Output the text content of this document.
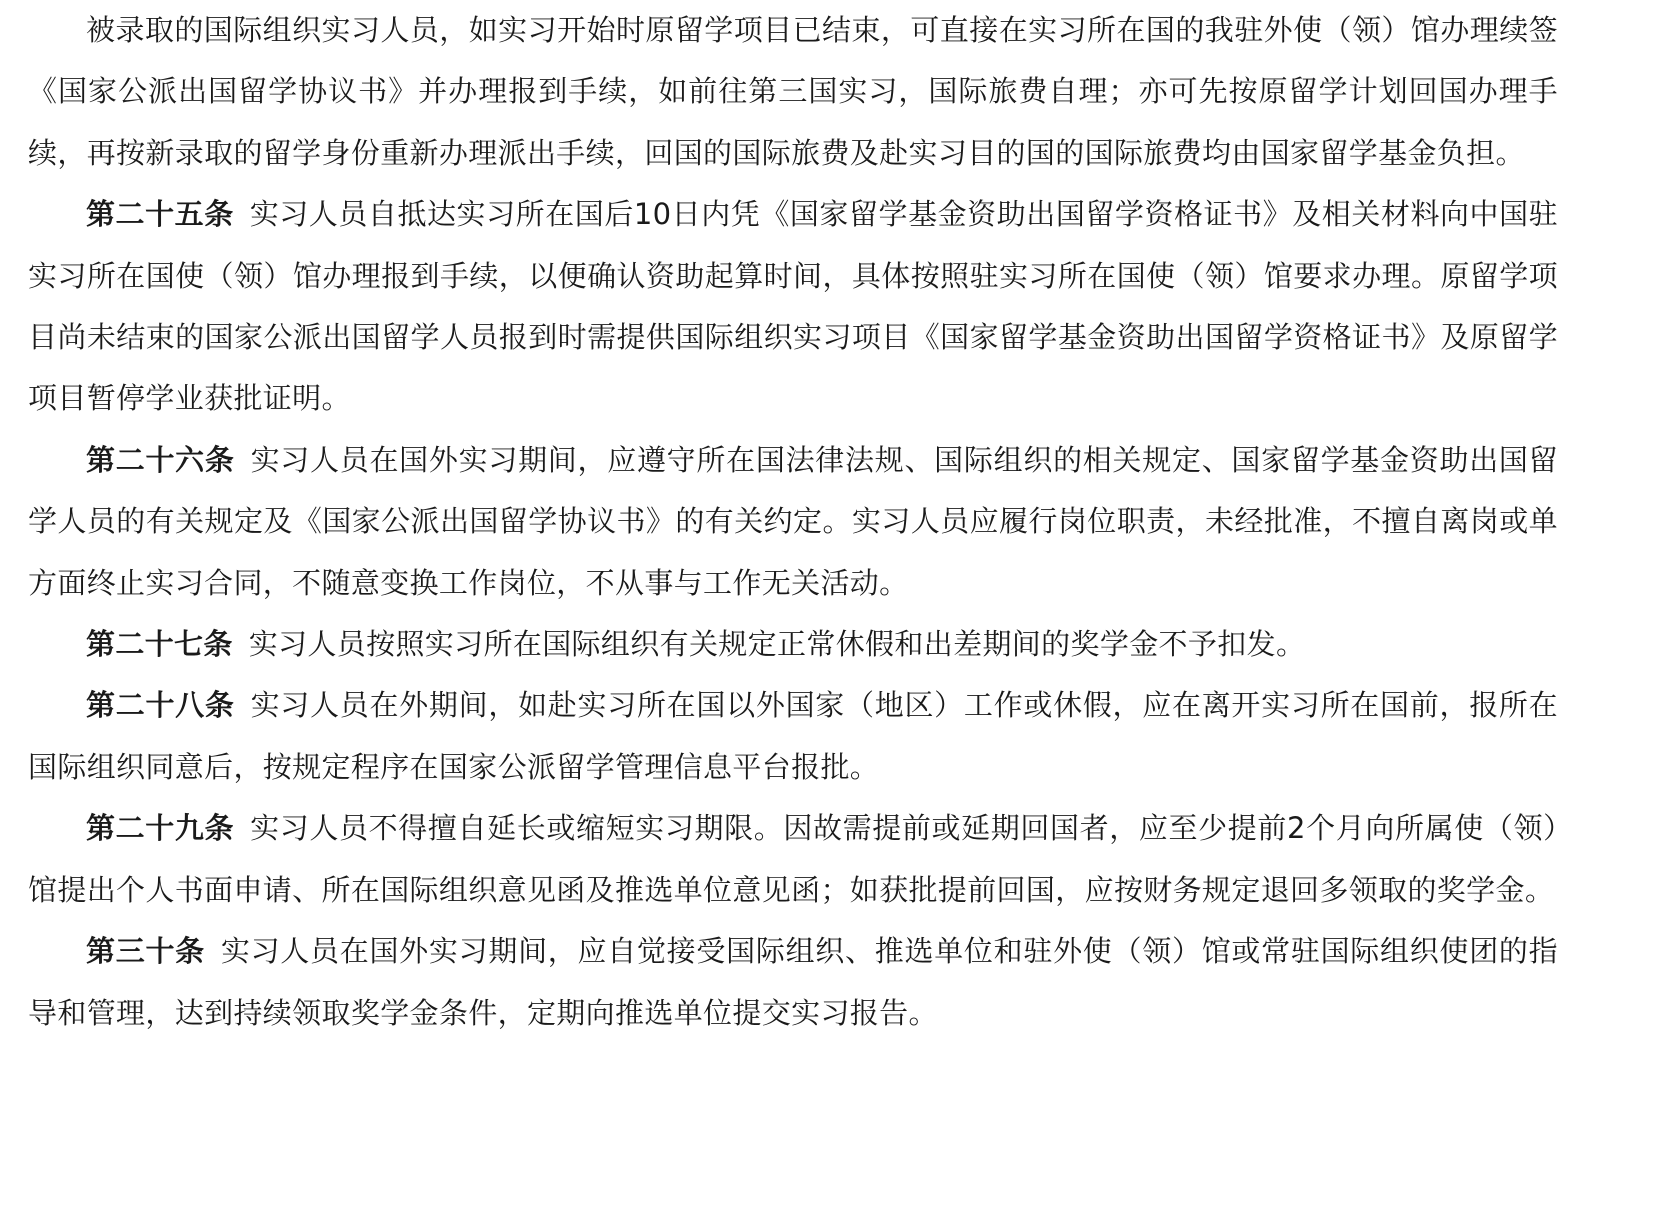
被录取的国际组织实习人员，如实习开始时原留学项目已结束，可直接在实习所在国的我驻外使（领）馆办理续签《国家公派出国留学协议书》并办理报到手续，如前往第三国实习，国际旅费自理；亦可先按原留学计划回国办理手续，再按新录取的留学身份重新办理派出手续，回国的国际旅费及赴实习目的国的国际旅费均由国家留学基金负担。

第二十五条 实习人员自抵达实习所在国后10日内凭《国家留学基金资助出国留学资格证书》及相关材料向中国驻实习所在国使（领）馆办理报到手续，以便确认资助起算时间，具体按照驻实习所在国使（领）馆要求办理。原留学项目尚未结束的国家公派出国留学人员报到时需提供国际组织实习项目《国家留学基金资助出国留学资格证书》及原留学项目暂停学业获批证明。

第二十六条 实习人员在国外实习期间，应遵守所在国法律法规、国际组织的相关规定、国家留学基金资助出国留学人员的有关规定及《国家公派出国留学协议书》的有关约定。实习人员应履行岗位职责，未经批准，不擅自离岗或单方面终止实习合同，不随意变换工作岗位，不从事与工作无关活动。

第二十七条 实习人员按照实习所在国际组织有关规定正常休假和出差期间的奖学金不予扣发。

第二十八条 实习人员在外期间，如赴实习所在国以外国家（地区）工作或休假，应在离开实习所在国前，报所在国际组织同意后，按规定程序在国家公派留学管理信息平台报批。

第二十九条 实习人员不得擅自延长或缩短实习期限。因故需提前或延期回国者，应至少提前2个月向所属使（领）馆提出个人书面申请、所在国际组织意见函及推选单位意见函；如获批提前回国，应按财务规定退回多领取的奖学金。

第三十条 实习人员在国外实习期间，应自觉接受国际组织、推选单位和驻外使（领）馆或常驻国际组织使团的指导和管理，达到持续领取奖学金条件，定期向推选单位提交实习报告。
